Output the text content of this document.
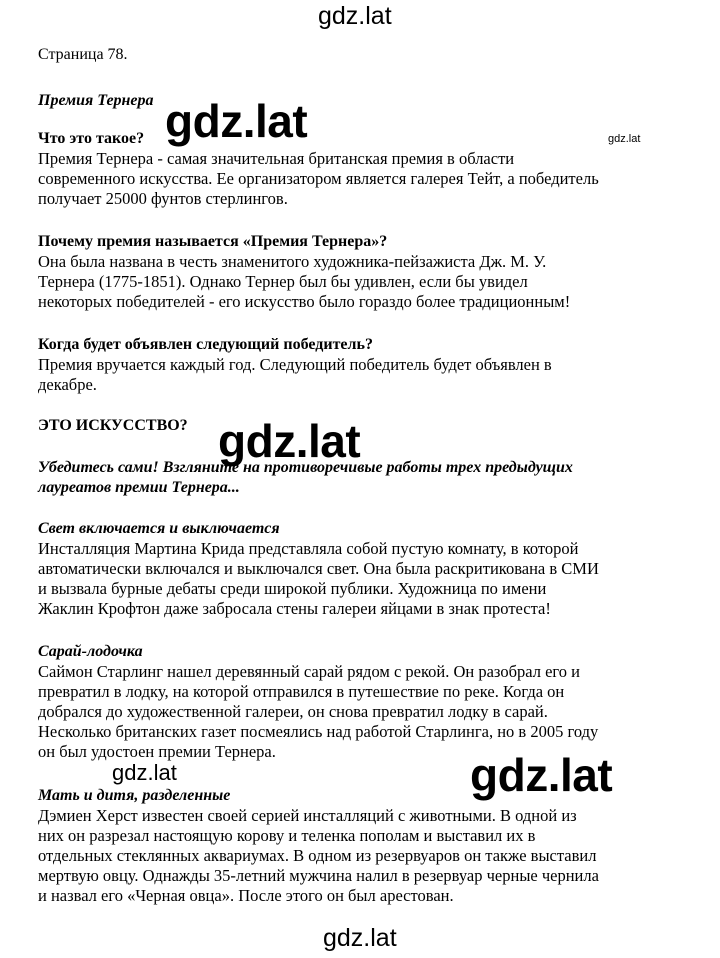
Страница 78.
Премия Тернера
Что это такое?

Премия Тернера - самая значительная британская премия в области

современного искусства. Ее организатором является галерея Тейт, а победитель

получает 25000 фунтов стерлингов.

Почему премия называется «Премия Тернера»?

Она была названа в честь знаменитого художника-пейзажиста Дж. М. У.

Тернера (1775-1851). Однако Тернер был бы удивлен, если бы увидел

некоторых победителей - его искусство было гораздо более традиционным!

Когда будет объявлен следующий победитель?

Премия вручается каждый год. Следующий победитель будет объявлен в

декабре.

ЭТО ИСКУССТВО?
Убедитесь сами! Взгляните на противоречивые работы трех предыдущих
лауреатов премии Тернера...
Свет включается и выключается

Инсталляция Мартина Крида представляла собой пустую комнату, в которой

автоматически включался и выключался свет. Она была раскритикована в СМИ

и вызвала бурные дебаты среди широкой публики. Художница по имени

Жаклин Крофтон даже забросала стены галереи яйцами в знак протеста!

Сарай-лодочка

Саймон Старлинг нашел деревянный сарай рядом с рекой. Он разобрал его и

превратил в лодку, на которой отправился в путешествие по реке. Когда он

добрался до художественной галереи, он снова превратил лодку в сарай.

Несколько британских газет посмеялись над работой Старлинга, но в 2005 году

он был удостоен премии Тернера.

Мать и дитя, разделенные

Дэмиен Херст известен своей серией инсталляций с животными. В одной из

них он разрезал настоящую корову и теленка пополам и выставил их в

отдельных стеклянных аквариумах. В одном из резервуаров он также выставил

мертвую овцу. Однажды 35-летний мужчина налил в резервуар черные чернила

и назвал его «Черная овца». После этого он был арестован.

gdz.lat
gdz.lat	gdz.lat
gdz.lat
gdz.lat	gdz.lat
gdz.lat
